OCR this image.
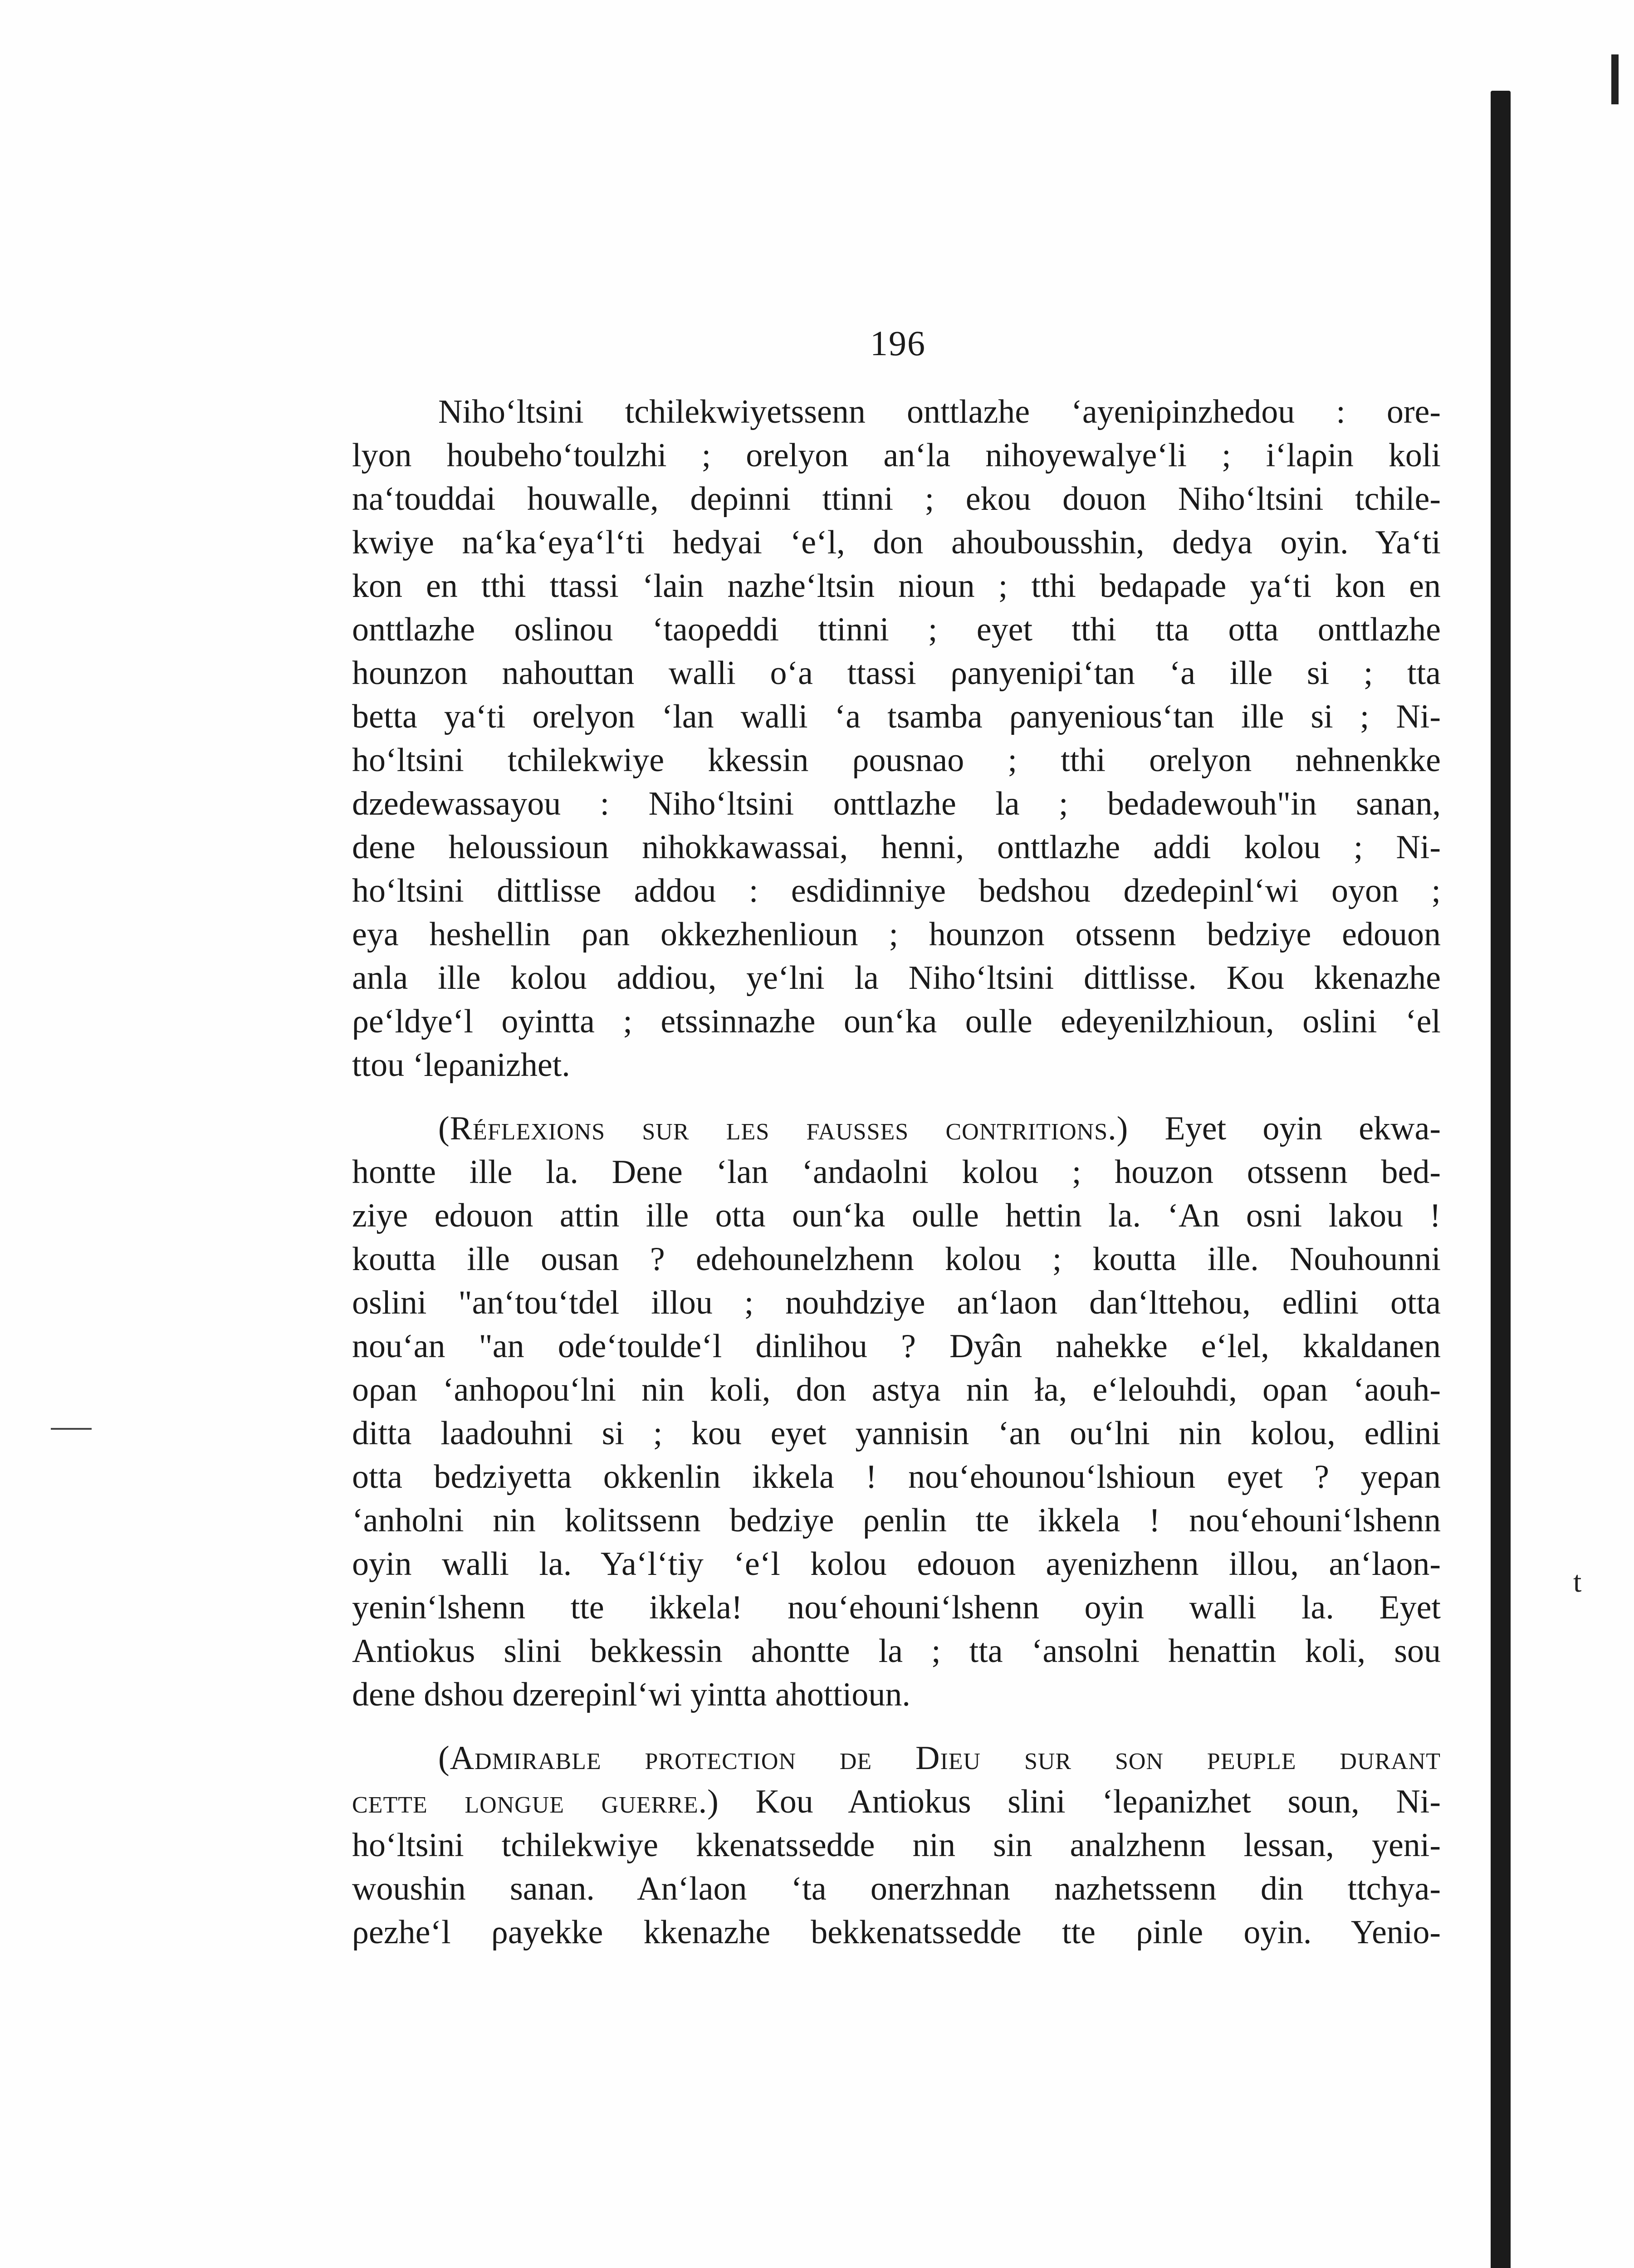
t
196

Niho‘ltsini tchilekwiyetssenn onttlazhe ‘ayeniρinzhedou : ore-
lyon houbeho‘toulzhi ; orelyon an‘la nihoyewalye‘li ; i‘laρin koli
na‘touddai houwalle, deρinni ttinni ; ekou douon Niho‘ltsini tchile-
kwiye na‘ka‘eya‘l‘ti hedyai ‘e‘l, don ahoubousshin, dedya oyin. Ya‘ti
kon en tthi ttassi ‘lain nazhe‘ltsin nioun ; tthi bedaρade ya‘ti kon en
onttlazhe oslinou ‘taoρeddi ttinni ; eyet tthi tta otta onttlazhe
hounzon nahouttan walli o‘a ttassi ρanyeniρi‘tan ‘a ille si ; tta
betta ya‘ti orelyon ‘lan walli ‘a tsamba ρanyenious‘tan ille si ; Ni-
ho‘ltsini tchilekwiye kkessin ρousnao ; tthi orelyon nehnenkke
dzedewassayou : Niho‘ltsini onttlazhe la ; bedadewouh"in sanan,
dene heloussioun nihokkawassai, henni, onttlazhe addi kolou ; Ni-
ho‘ltsini dittlisse addou : esdidinniye bedshou dzedeρinl‘wi oyon ;
eya heshellin ρan okkezhenlioun ; hounzon otssenn bedziye edouon
anla ille kolou addiou, ye‘lni la Niho‘ltsini dittlisse. Kou kkenazhe
ρe‘ldye‘l oyintta ; etssinnazhe oun‘ka oulle edeyenilzhioun, oslini ‘el
ttou ‘leρanizhet.

(Réflexions sur les fausses contritions.) Eyet oyin ekwa-
hontte ille la. Dene ‘lan ‘andaolni kolou ; houzon otssenn bed-
ziye edouon attin ille otta oun‘ka oulle hettin la. ‘An osni lakou !
koutta ille ousan ? edehounelzhenn kolou ; koutta ille. Nouhounni
oslini "an‘tou‘tdel illou ; nouhdziye an‘laon dan‘lttehou, edlini otta
nou‘an "an ode‘toulde‘l dinlihou ? Dyân nahekke e‘lel, kkaldanen
oρan ‘anhoρou‘lni nin koli, don astya nin ła, e‘lelouhdi, oρan ‘aouh-
ditta laadouhni si ; kou eyet yannisin ‘an ou‘lni nin kolou, edlini
otta bedziyetta okkenlin ikkela ! nou‘ehounou‘lshioun eyet ? yeρan
‘anholni nin kolitssenn bedziye ρenlin tte ikkela ! nou‘ehouni‘lshenn
oyin walli la. Ya‘l‘tiy ‘e‘l kolou edouon ayenizhenn illou, an‘laon-
yenin‘lshenn tte ikkela! nou‘ehouni‘lshenn oyin walli la. Eyet
Antiokus slini bekkessin ahontte la ; tta ‘ansolni henattin koli, sou
dene dshou dzereρinl‘wi yintta ahottioun.

(Admirable protection de Dieu sur son peuple durant
cette longue guerre.) Kou Antiokus slini ‘leρanizhet soun, Ni-
ho‘ltsini tchilekwiye kkenatssedde nin sin analzhenn lessan, yeni-
woushin sanan. An‘laon ‘ta onerzhnan nazhetssenn din ttchya-
ρezhe‘l ρayekke kkenazhe bekkenatssedde tte ρinle oyin. Yenio-
